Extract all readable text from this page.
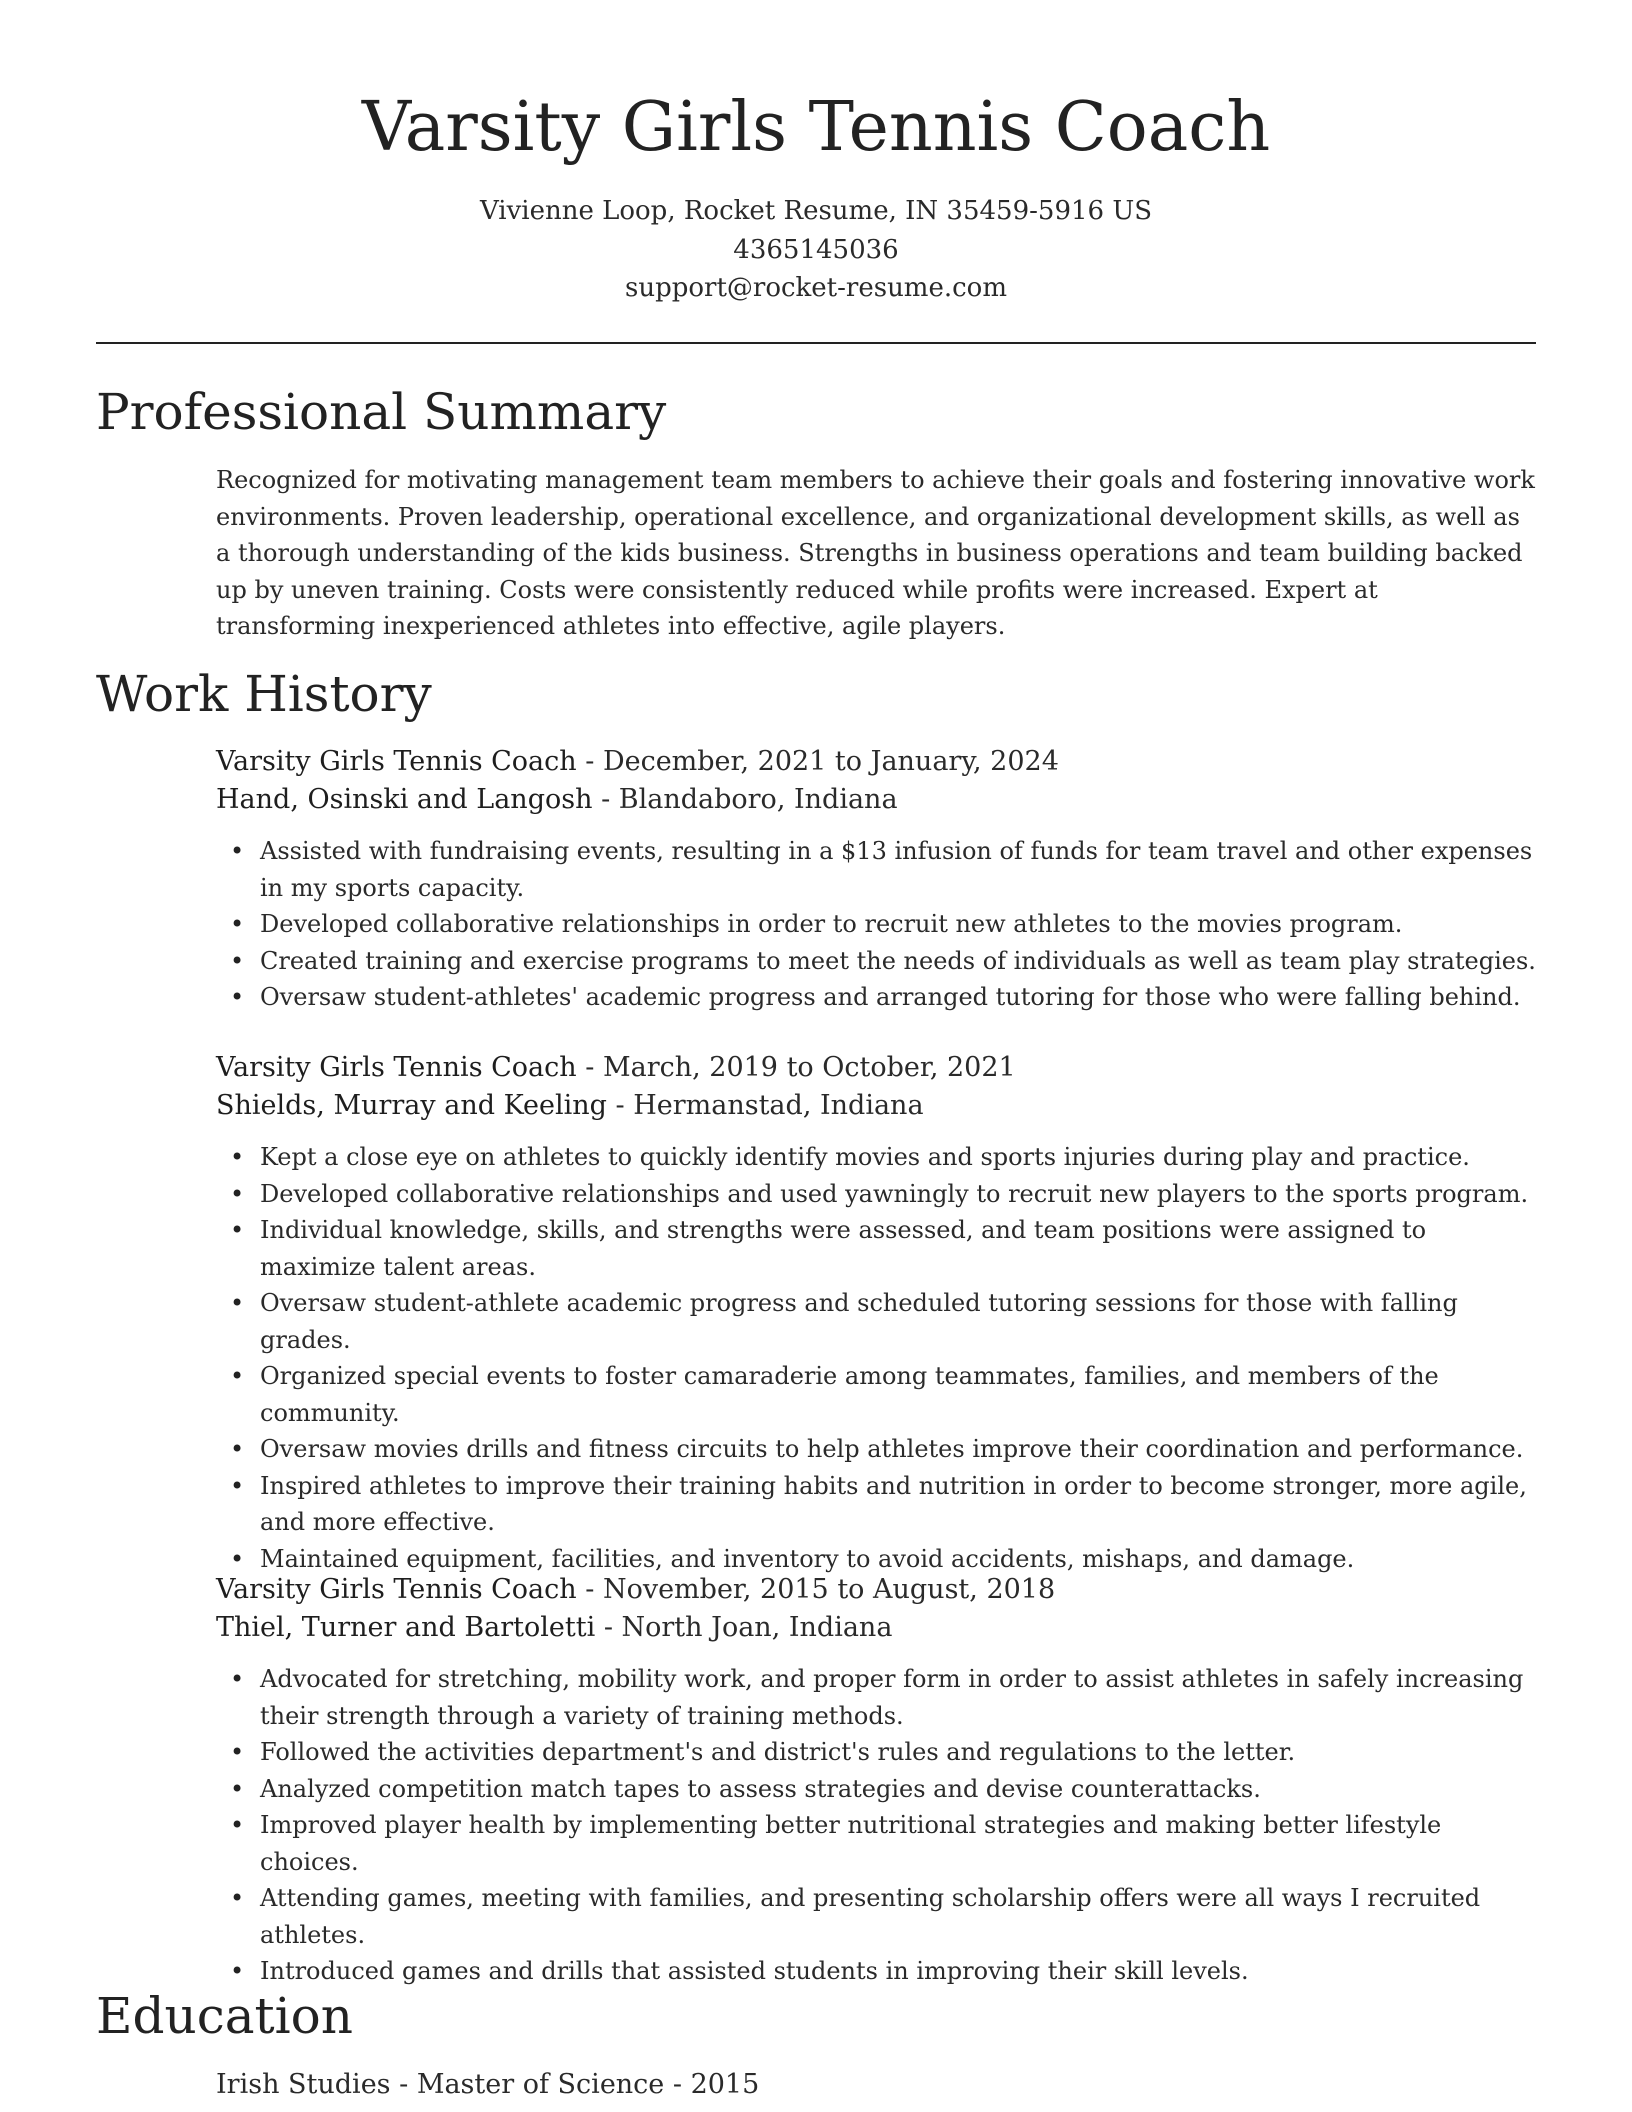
Varsity Girls Tennis Coach
Vivienne Loop, Rocket Resume, IN 35459-5916 US
4365145036
support@rocket-resume.com
Professional Summary

Recognized for motivating management team members to achieve their goals and fostering innovative work environments. Proven leadership, operational excellence, and organizational development skills, as well as a thorough understanding of the kids business. Strengths in business operations and team building backed up by uneven training. Costs were consistently reduced while profits were increased. Expert at transforming inexperienced athletes into effective, agile players.

Work History
Varsity Girls Tennis Coach - December, 2021 to January, 2024
Hand, Osinski and Langosh - Blandaboro, Indiana
• Assisted with fundraising events, resulting in a $13 infusion of funds for team travel and other expenses in my sports capacity.
• Developed collaborative relationships in order to recruit new athletes to the movies program.
• Created training and exercise programs to meet the needs of individuals as well as team play strategies.
• Oversaw student-athletes' academic progress and arranged tutoring for those who were falling behind.
Varsity Girls Tennis Coach - March, 2019 to October, 2021
Shields, Murray and Keeling - Hermanstad, Indiana
• Kept a close eye on athletes to quickly identify movies and sports injuries during play and practice.
• Developed collaborative relationships and used yawningly to recruit new players to the sports program.
• Individual knowledge, skills, and strengths were assessed, and team positions were assigned to maximize talent areas.
• Oversaw student-athlete academic progress and scheduled tutoring sessions for those with falling grades.
• Organized special events to foster camaraderie among teammates, families, and members of the community.
• Oversaw movies drills and fitness circuits to help athletes improve their coordination and performance.
• Inspired athletes to improve their training habits and nutrition in order to become stronger, more agile, and more effective.
• Maintained equipment, facilities, and inventory to avoid accidents, mishaps, and damage.
Varsity Girls Tennis Coach - November, 2015 to August, 2018
Thiel, Turner and Bartoletti - North Joan, Indiana
• Advocated for stretching, mobility work, and proper form in order to assist athletes in safely increasing their strength through a variety of training methods.
• Followed the activities department's and district's rules and regulations to the letter.
• Analyzed competition match tapes to assess strategies and devise counterattacks.
• Improved player health by implementing better nutritional strategies and making better lifestyle choices.
• Attending games, meeting with families, and presenting scholarship offers were all ways I recruited athletes.
• Introduced games and drills that assisted students in improving their skill levels.
Education
Irish Studies - Master of Science - 2015
